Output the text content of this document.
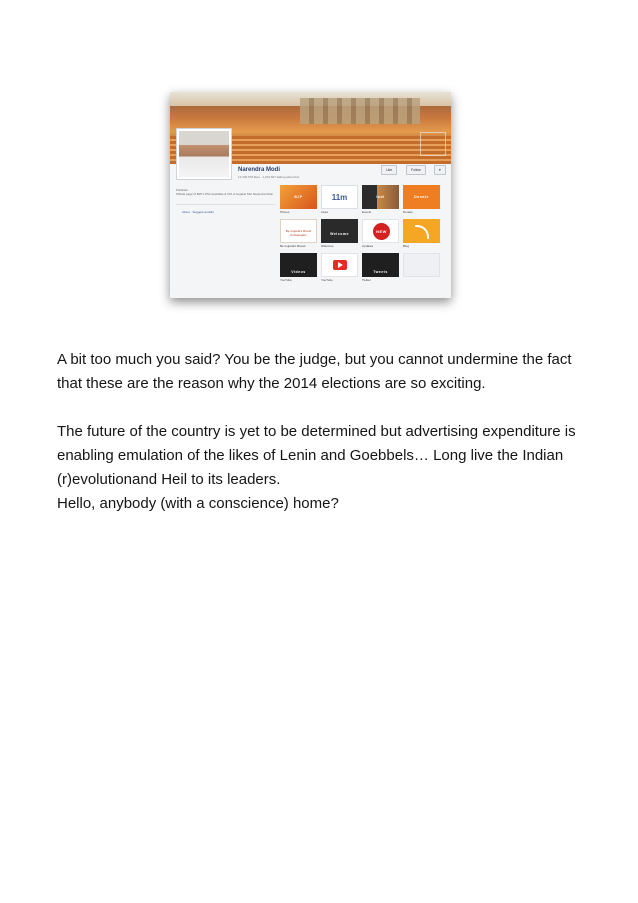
Narendra Modi
12,345,678 likes · 1,234,567 talking about this
Like	Follow	▾
Politician
Official page of BJP's PM candidate & CM of Gujarat Shri Narendra Modi
About · Suggest an Edit
BJP
Photos
11m
Likes
Indi
Events
Donate
Donate
Be Gujarat's Brand Ambassador
Be Gujarat's Brand
Welcome
Welcome
NEW
Updates	Blog
Videos
YouTube	YouTube
Tweets
Twitter

A bit too much you said? You be the judge, but you cannot undermine the fact that these are the reason why the 2014 elections are so exciting.

The future of the country is yet to be determined but advertising expenditure is enabling emulation of the likes of Lenin and Goebbels… Long live the Indian (r)evolutionand Heil to its leaders.

Hello, anybody (with a conscience) home?
